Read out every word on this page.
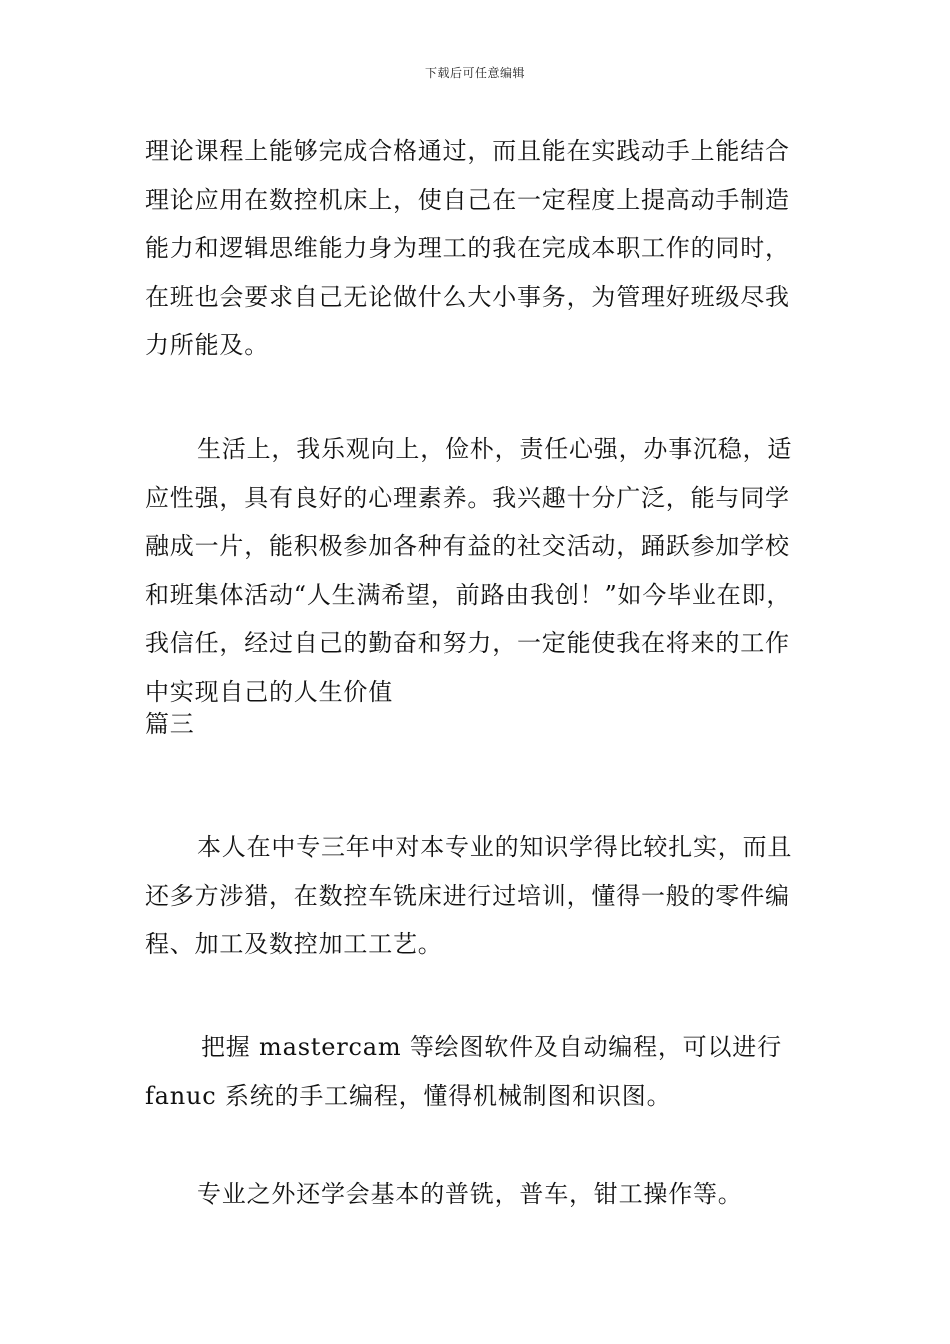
下载后可任意编辑

理论课程上能够完成合格通过，而且能在实践动手上能结合理论应用在数控机床上，使自己在一定程度上提高动手制造能力和逻辑思维能力身为理工的我在完成本职工作的同时，在班也会要求自己无论做什么大小事务，为管理好班级尽我力所能及。

生活上，我乐观向上，俭朴，责任心强，办事沉稳，适应性强，具有良好的心理素养。我兴趣十分广泛，能与同学融成一片，能积极参加各种有益的社交活动，踊跃参加学校和班集体活动“人生满希望，前路由我创！”如今毕业在即，我信任，经过自己的勤奋和努力，一定能使我在将来的工作中实现自己的人生价值

篇三

本人在中专三年中对本专业的知识学得比较扎实，而且还多方涉猎，在数控车铣床进行过培训，懂得一般的零件编程、加工及数控加工工艺。

把握 mastercam 等绘图软件及自动编程，可以进行 fanuc 系统的手工编程，懂得机械制图和识图。

专业之外还学会基本的普铣，普车，钳工操作等。
